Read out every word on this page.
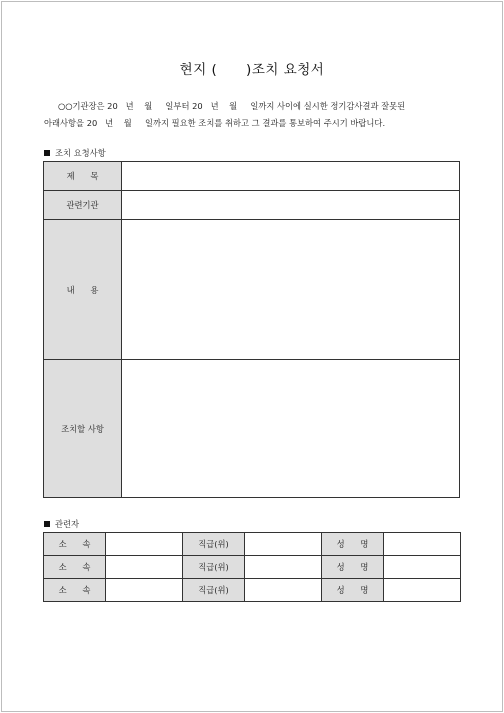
현지 (      )조치 요청서
○○기관장은 20   년    월     일부터 20   년    월     일까지 사이에 실시한 정기감사결과 잘못된
아래사항을 20   년    월     일까지 필요한 조치를 취하고 그 결과를 통보하여 주시기 바랍니다.
조치 요청사항
제      목	
관련기관	
내      용	
조치할 사항	
관련자
소      속		직급(위)		성      명	
소      속		직급(위)		성      명	
소      속		직급(위)		성      명	
